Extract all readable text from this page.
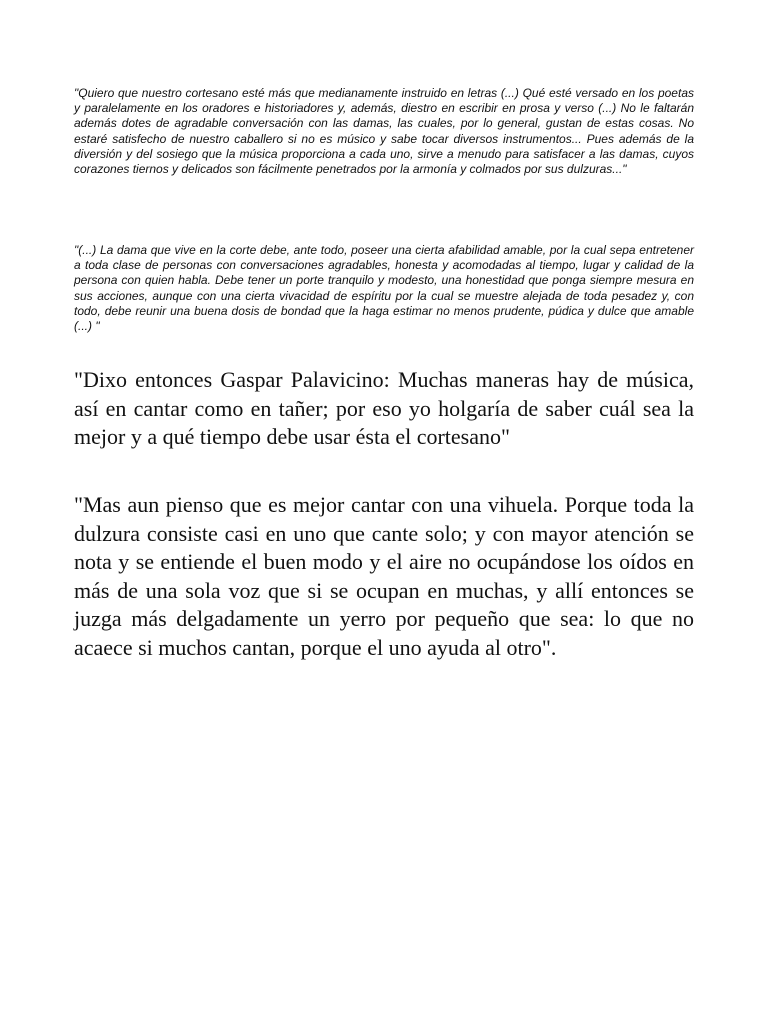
"Quiero que nuestro cortesano esté más que medianamente instruido en letras (...) Qué esté versado en los poetas y paralelamente en los oradores e historiadores y, además, diestro en escribir en prosa y verso (...) No le faltarán además dotes de agradable conversación con las damas, las cuales, por lo general, gustan de estas cosas. No estaré satisfecho de nuestro caballero si no es músico y sabe tocar diversos instrumentos... Pues además de la diversión y del sosiego que la música proporciona a cada uno, sirve a menudo para satisfacer a las damas, cuyos corazones tiernos y delicados son fácilmente penetrados por la armonía y colmados por sus dulzuras..."

"(...) La dama que vive en la corte debe, ante todo, poseer una cierta afabilidad amable, por la cual sepa entretener a toda clase de personas con conversaciones agradables, honesta y acomodadas al tiempo, lugar y calidad de la persona con quien habla. Debe tener un porte tranquilo y modesto, una honestidad que ponga siempre mesura en sus acciones, aunque con una cierta vivacidad de espíritu por la cual se muestre alejada de toda pesadez y, con todo, debe reunir una buena dosis de bondad que la haga estimar no menos prudente, púdica y dulce que amable (...) "

"Dixo entonces Gaspar Palavicino: Muchas maneras hay de música, así en cantar como en tañer; por eso yo holgaría de saber cuál sea la mejor y a qué tiempo debe usar ésta el cortesano"

"Mas aun pienso que es mejor cantar con una vihuela. Porque toda la dulzura consiste casi en uno que cante solo; y con mayor atención se nota y se entiende el buen modo y el aire no ocupándose los oídos en más de una sola voz que si se ocupan en muchas, y allí entonces se juzga más delgadamente un yerro por pequeño que sea: lo que no acaece si muchos cantan, porque el uno ayuda al otro".
